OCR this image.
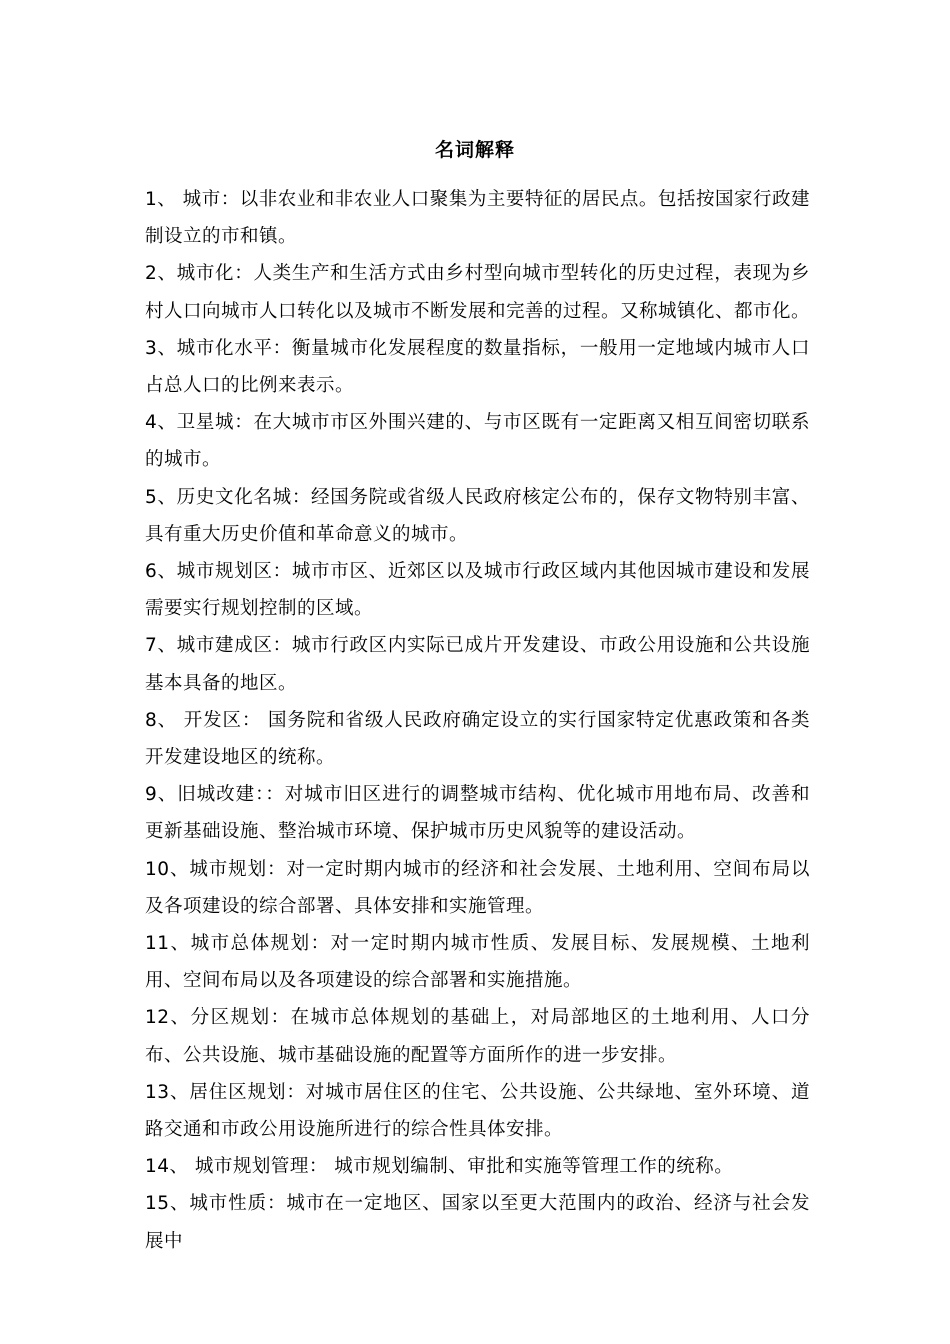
名词解释
1、 城市：以非农业和非农业人口聚集为主要特征的居民点。包括按国家行政建制设立的市和镇。
2、城市化：人类生产和生活方式由乡村型向城市型转化的历史过程，表现为乡村人口向城市人口转化以及城市不断发展和完善的过程。又称城镇化、都市化。
3、城市化水平：衡量城市化发展程度的数量指标，一般用一定地域内城市人口占总人口的比例来表示。
4、卫星城：在大城市市区外围兴建的、与市区既有一定距离又相互间密切联系的城市。
5、历史文化名城：经国务院或省级人民政府核定公布的，保存文物特别丰富、具有重大历史价值和革命意义的城市。
6、城市规划区：城市市区、近郊区以及城市行政区域内其他因城市建设和发展需要实行规划控制的区域。
7、城市建成区：城市行政区内实际已成片开发建设、市政公用设施和公共设施基本具备的地区。
8、 开发区： 国务院和省级人民政府确定设立的实行国家特定优惠政策和各类开发建设地区的统称。
9、旧城改建：：对城市旧区进行的调整城市结构、优化城市用地布局、改善和更新基础设施、整治城市环境、保护城市历史风貌等的建设活动。
10、城市规划：对一定时期内城市的经济和社会发展、土地利用、空间布局以及各项建设的综合部署、具体安排和实施管理。
11、城市总体规划：对一定时期内城市性质、发展目标、发展规模、土地利用、空间布局以及各项建设的综合部署和实施措施。
12、分区规划：在城市总体规划的基础上，对局部地区的土地利用、人口分布、公共设施、城市基础设施的配置等方面所作的进一步安排。
13、居住区规划：对城市居住区的住宅、公共设施、公共绿地、室外环境、道路交通和市政公用设施所进行的综合性具体安排。
14、 城市规划管理： 城市规划编制、审批和实施等管理工作的统称。
15、城市性质：城市在一定地区、国家以至更大范围内的政治、经济与社会发展中
